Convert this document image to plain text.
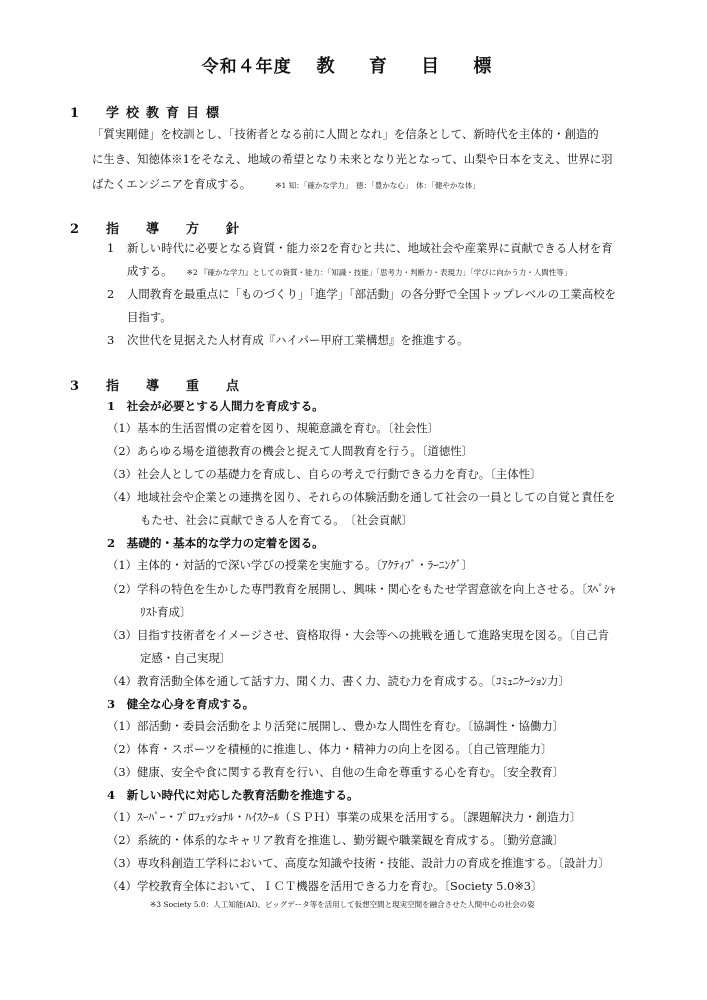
令和４年度 教 育 目 標
1　学校教育目標
「質実剛健」を校訓とし、「技術者となる前に人間となれ」を信条として、新時代を主体的・創造的
に生き、知徳体※1をそなえ、地域の希望となり未来となり光となって、山梨や日本を支え、世界に羽
ばたくエンジニアを育成する。	※1 知：「確かな学力」　徳：「豊かな心」　体：「健やかな体」
2　指　導　方　針
1 新しい時代に必要となる資質・能力※2を育むと共に、地域社会や産業界に貢献できる人材を育
成する。 ※2 『確かな学力』としての資質・能力：「知識・技能」「思考力・判断力・表現力」「学びに向かう力・人間性等」
2 人間教育を最重点に「ものづくり」「進学」「部活動」の各分野で全国トップレベルの工業高校を
目指す。
3 次世代を見据えた人材育成『ハイパー甲府工業構想』を推進する。
3　指　導　重　点
1　社会が必要とする人間力を育成する。
（1）基本的生活習慣の定着を図り、規範意識を育む。〔社会性〕
（2）あらゆる場を道徳教育の機会と捉えて人間教育を行う。〔道徳性〕
（3）社会人としての基礎力を育成し、自らの考えで行動できる力を育む。〔主体性〕
（4）地域社会や企業との連携を図り、それらの体験活動を通して社会の一員としての自覚と責任を
もたせ、社会に貢献できる人を育てる。　〔社会貢献〕
2　基礎的・基本的な学力の定着を図る。
（1）主体的・対話的で深い学びの授業を実施する。〔ｱｸﾃｨﾌﾞ・ﾗｰﾆﾝｸﾞ〕
（2）学科の特色を生かした専門教育を展開し、興味・関心をもたせ学習意欲を向上させる。〔ｽﾍﾟｼｬ
ﾘｽﾄ育成〕
（3）目指す技術者をイメージさせ、資格取得・大会等への挑戦を通して進路実現を図る。〔自己肯
定感・自己実現〕
（4）教育活動全体を通して話す力、聞く力、書く力、読む力を育成する。〔ｺﾐｭﾆｹｰｼｮﾝ力〕
3　健全な心身を育成する。
（1）部活動・委員会活動をより活発に展開し、豊かな人間性を育む。〔協調性・協働力〕
（2）体育・スポーツを積極的に推進し、体力・精神力の向上を図る。〔自己管理能力〕
（3）健康、安全や食に関する教育を行い、自他の生命を尊重する心を育む。〔安全教育〕
4　新しい時代に対応した教育活動を推進する。
（1）ｽｰﾊﾟｰ・ﾌﾟﾛﾌｪｯｼｮﾅﾙ・ﾊｲｽｸｰﾙ（ＳＰＨ）事業の成果を活用する。〔課題解決力・創造力〕
（2）系統的・体系的なキャリア教育を推進し、勤労観や職業観を育成する。〔勤労意識〕
（3）専攻科創造工学科において、高度な知識や技術・技能、設計力の育成を推進する。〔設計力〕
（4）学校教育全体において、ＩＣＴ機器を活用できる力を育む。〔Society 5.0※3〕
※3 Society 5.0：人工知能(AI)、ビッグデータ等を活用して仮想空間と現実空間を融合させた人間中心の社会の姿
